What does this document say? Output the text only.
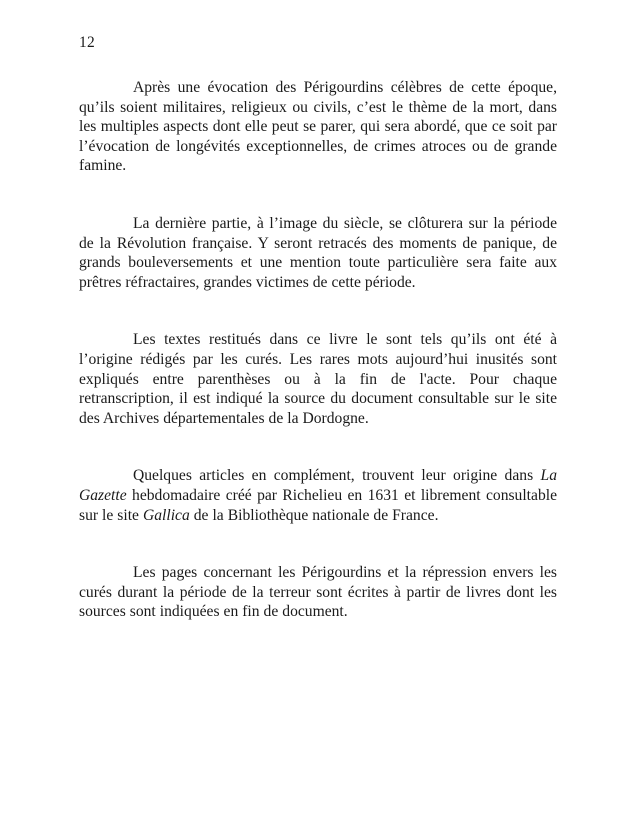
12

Après une évocation des Périgourdins célèbres de cette époque, qu’ils soient militaires, religieux ou civils, c’est le thème de la mort, dans les multiples aspects dont elle peut se parer, qui sera abordé, que ce soit par l’évocation de longévités exceptionnelles, de crimes atroces ou de grande famine.

La dernière partie, à l’image du siècle, se clôturera sur la période de la Révolution française. Y seront retracés des moments de panique, de grands bouleversements et une mention toute particulière sera faite aux prêtres réfractaires, grandes victimes de cette période.

Les textes restitués dans ce livre le sont tels qu’ils ont été à l’origine rédigés par les curés. Les rares mots aujourd’hui inusités sont expliqués entre parenthèses ou à la fin de l'acte. Pour chaque retranscription, il est indiqué la source du document consultable sur le site des Archives départementales de la Dordogne.

Quelques articles en complément, trouvent leur origine dans La Gazette hebdomadaire créé par Richelieu en 1631 et librement consultable sur le site Gallica de la Bibliothèque nationale de France.

Les pages concernant les Périgourdins et la répression envers les curés durant la période de la terreur sont écrites à partir de livres dont les sources sont indiquées en fin de document.
